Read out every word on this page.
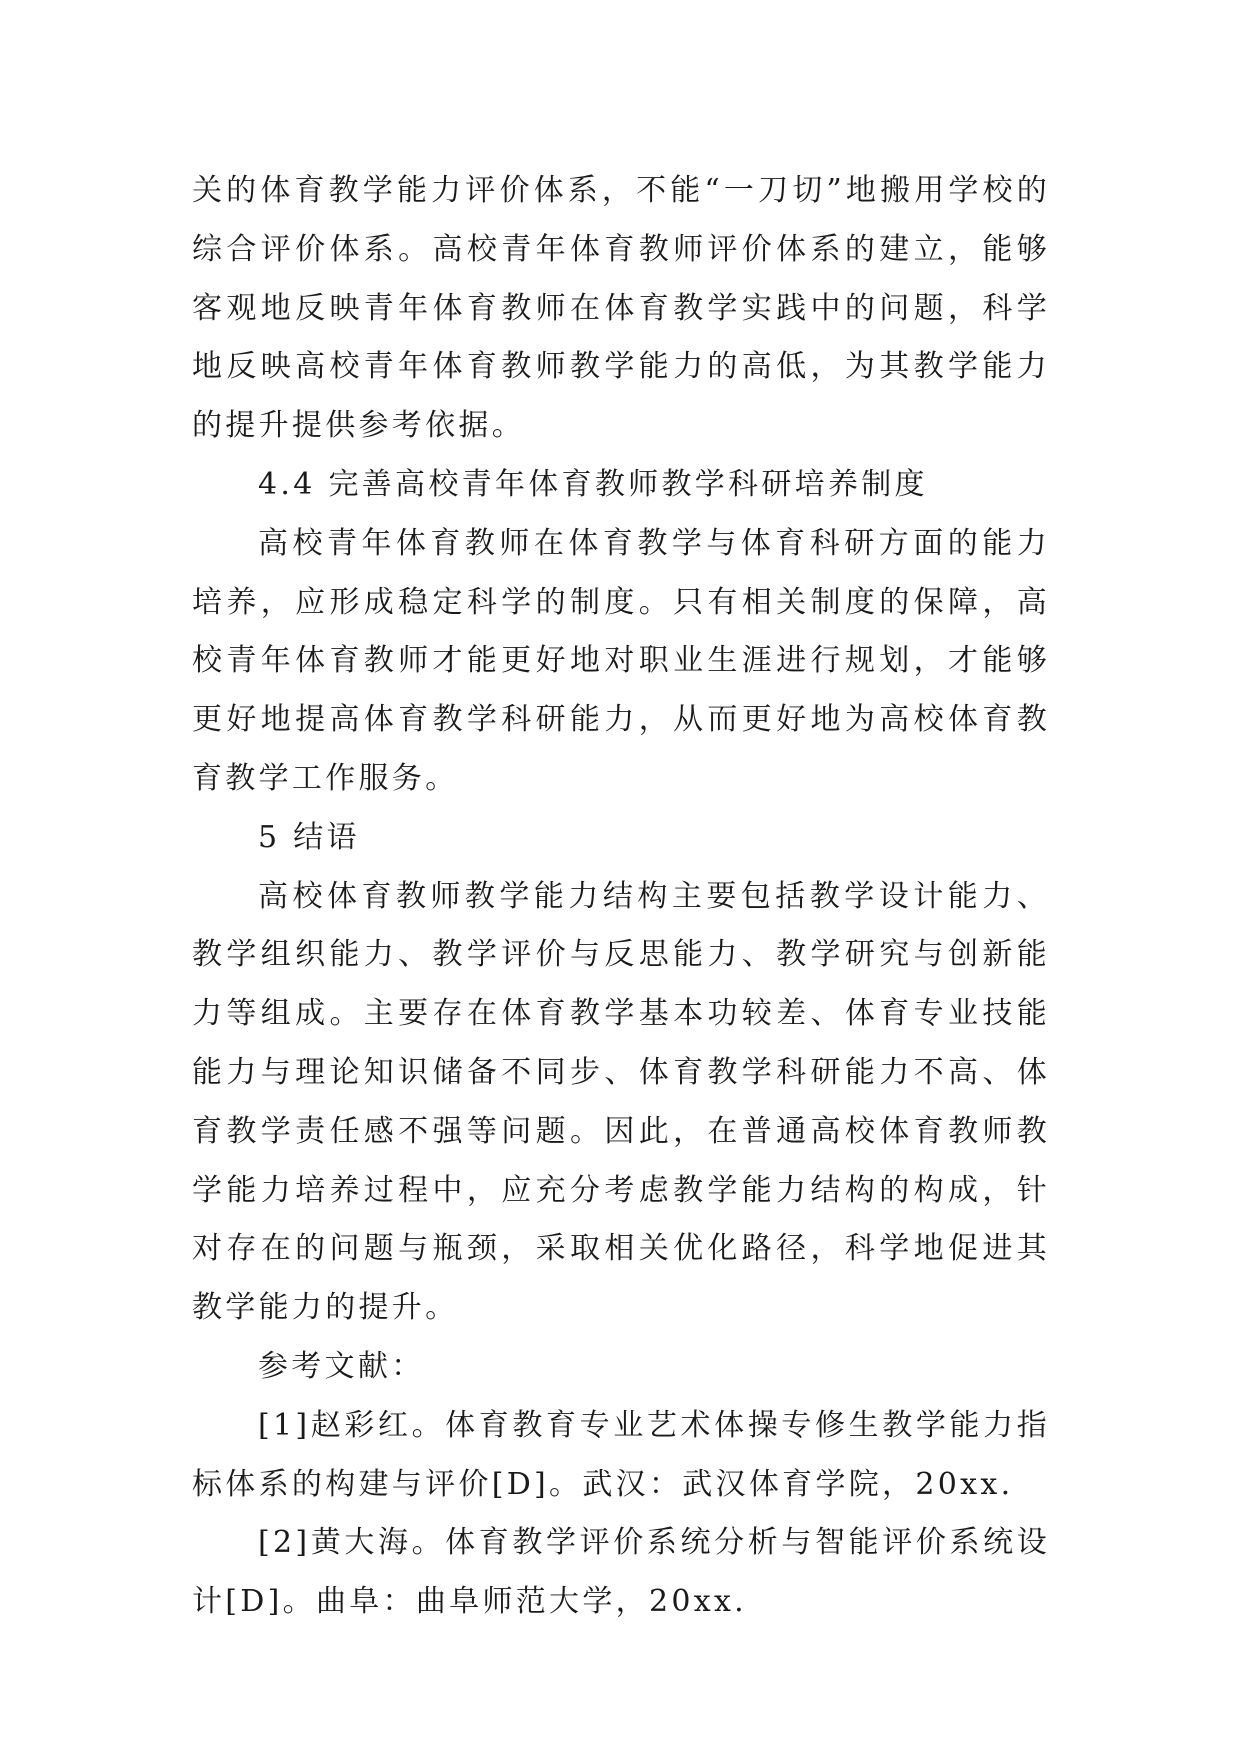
关的体育教学能力评价体系，不能“一刀切”地搬用学校的综合评价体系。高校青年体育教师评价体系的建立，能够客观地反映青年体育教师在体育教学实践中的问题，科学地反映高校青年体育教师教学能力的高低，为其教学能力的提升提供参考依据。

4.4 完善高校青年体育教师教学科研培养制度

高校青年体育教师在体育教学与体育科研方面的能力培养，应形成稳定科学的制度。只有相关制度的保障，高校青年体育教师才能更好地对职业生涯进行规划，才能够更好地提高体育教学科研能力，从而更好地为高校体育教育教学工作服务。

5 结语

高校体育教师教学能力结构主要包括教学设计能力、教学组织能力、教学评价与反思能力、教学研究与创新能力等组成。主要存在体育教学基本功较差、体育专业技能能力与理论知识储备不同步、体育教学科研能力不高、体育教学责任感不强等问题。因此，在普通高校体育教师教学能力培养过程中，应充分考虑教学能力结构的构成，针对存在的问题与瓶颈，采取相关优化路径，科学地促进其教学能力的提升。

参考文献：

[1]赵彩红。体育教育专业艺术体操专修生教学能力指标体系的构建与评价[D]。武汉：武汉体育学院，20xx.

[2]黄大海。体育教学评价系统分析与智能评价系统设计[D]。曲阜：曲阜师范大学，20xx.
